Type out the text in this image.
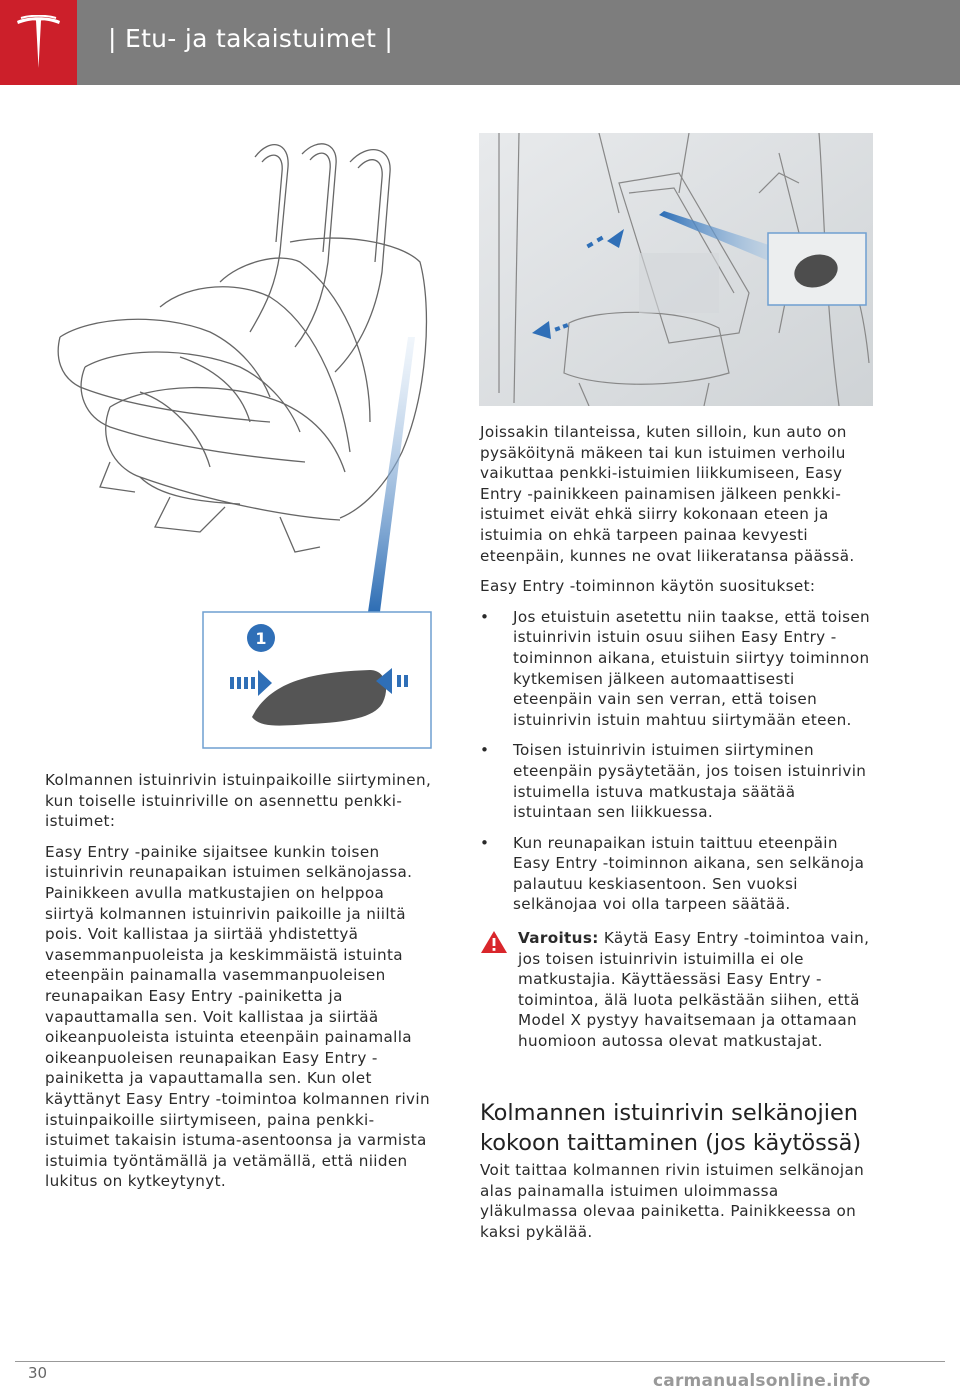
| Etu- ja takaistuimet |
1

Kolmannen istuinrivin istuinpaikoille siirtyminen, kun toiselle istuinriville on asennettu penkki-istuimet:

Easy Entry -painike sijaitsee kunkin toisen istuinrivin reunapaikan istuimen selkänojassa. Painikkeen avulla matkustajien on helppoa siirtyä kolmannen istuinrivin paikoille ja niiltä pois. Voit kallistaa ja siirtää yhdistettyä vasemmanpuoleista ja keskimmäistä istuinta eteenpäin painamalla vasemmanpuoleisen reunapaikan Easy Entry -painiketta ja vapauttamalla sen. Voit kallistaa ja siirtää oikeanpuoleista istuinta eteenpäin painamalla oikeanpuoleisen reunapaikan Easy Entry -painiketta ja vapauttamalla sen. Kun olet käyttänyt Easy Entry -toimintoa kolmannen rivin istuinpaikoille siirtymiseen, paina penkki-istuimet takaisin istuma-asentoonsa ja varmista istuimia työntämällä ja vetämällä, että niiden lukitus on kytkeytynyt.

Joissakin tilanteissa, kuten silloin, kun auto on pysäköitynä mäkeen tai kun istuimen verhoilu vaikuttaa penkki-istuimien liikkumiseen, Easy Entry -painikkeen painamisen jälkeen penkki-istuimet eivät ehkä siirry kokonaan eteen ja istuimia on ehkä tarpeen painaa kevyesti eteenpäin, kunnes ne ovat liikeratansa päässä.

Easy Entry -toiminnon käytön suositukset:

• Jos etuistuin asetettu niin taakse, että toisen istuinrivin istuin osuu siihen Easy Entry -toiminnon aikana, etuistuin siirtyy toiminnon kytkemisen jälkeen automaattisesti eteenpäin vain sen verran, että toisen istuinrivin istuin mahtuu siirtymään eteen.
• Toisen istuinrivin istuimen siirtyminen eteenpäin pysäytetään, jos toisen istuinrivin istuimella istuva matkustaja säätää istuintaan sen liikkuessa.
• Kun reunapaikan istuin taittuu eteenpäin Easy Entry -toiminnon aikana, sen selkänoja palautuu keskiasentoon. Sen vuoksi selkänojaa voi olla tarpeen säätää.
Varoitus: Käytä Easy Entry -toimintoa vain, jos toisen istuinrivin istuimilla ei ole matkustajia. Käyttäessäsi Easy Entry -toimintoa, älä luota pelkästään siihen, että Model X pystyy havaitsemaan ja ottamaan huomioon autossa olevat matkustajat.
Kolmannen istuinrivin selkänojien kokoon taittaminen (jos käytössä)
Voit taittaa kolmannen rivin istuimen selkänojan alas painamalla istuimen uloimmassa yläkulmassa olevaa painiketta. Painikkeessa on kaksi pykälää.
30	carmanualsonline.info
